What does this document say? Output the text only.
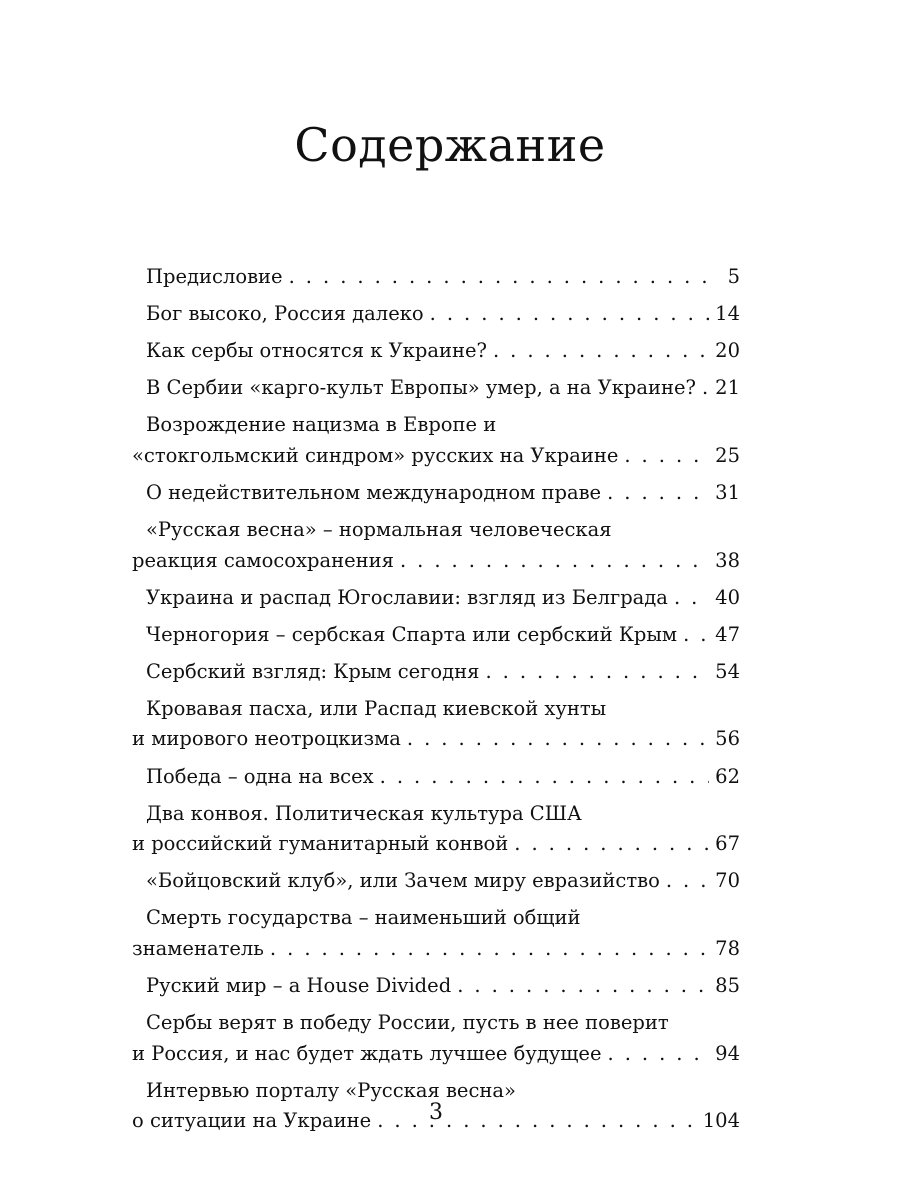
Содержание
Предисловие . . .	5
Бог высоко, Россия далеко . . .	14
Как сербы относятся к Украине? . . .	20
В Сербии «карго-культ Европы» умер, а на Украине? . . . 21
Возрождение нацизма в Европе и
«стокгольмский синдром» русских на Украине . . .	25
О недействительном международном праве . . .	31
«Русская весна» – нормальная человеческая
реакция самосохранения . . .	38
Украина и распад Югославии: взгляд из Белграда . . . 40
Черногория – сербская Спарта или сербский Крым . . . 47
Сербский взгляд: Крым сегодня . . .	54
Кровавая пасха, или Распад киевской хунты
и мирового неотроцкизма . . .	56
Победа – одна на всех . . .	62
Два конвоя. Политическая культура США
и российский гуманитарный конвой . . .	67
«Бойцовский клуб», или Зачем миру евразийство . . .	70
Смерть государства – наименьший общий
знаменатель . . .	78
Руский мир – a House Divided . . .	85
Сербы верят в победу России, пусть в нее поверит
и Россия, и нас будет ждать лучшее будущее . . .	94
Интервью порталу «Русская весна»
о ситуации на Украине . . .	104
3
